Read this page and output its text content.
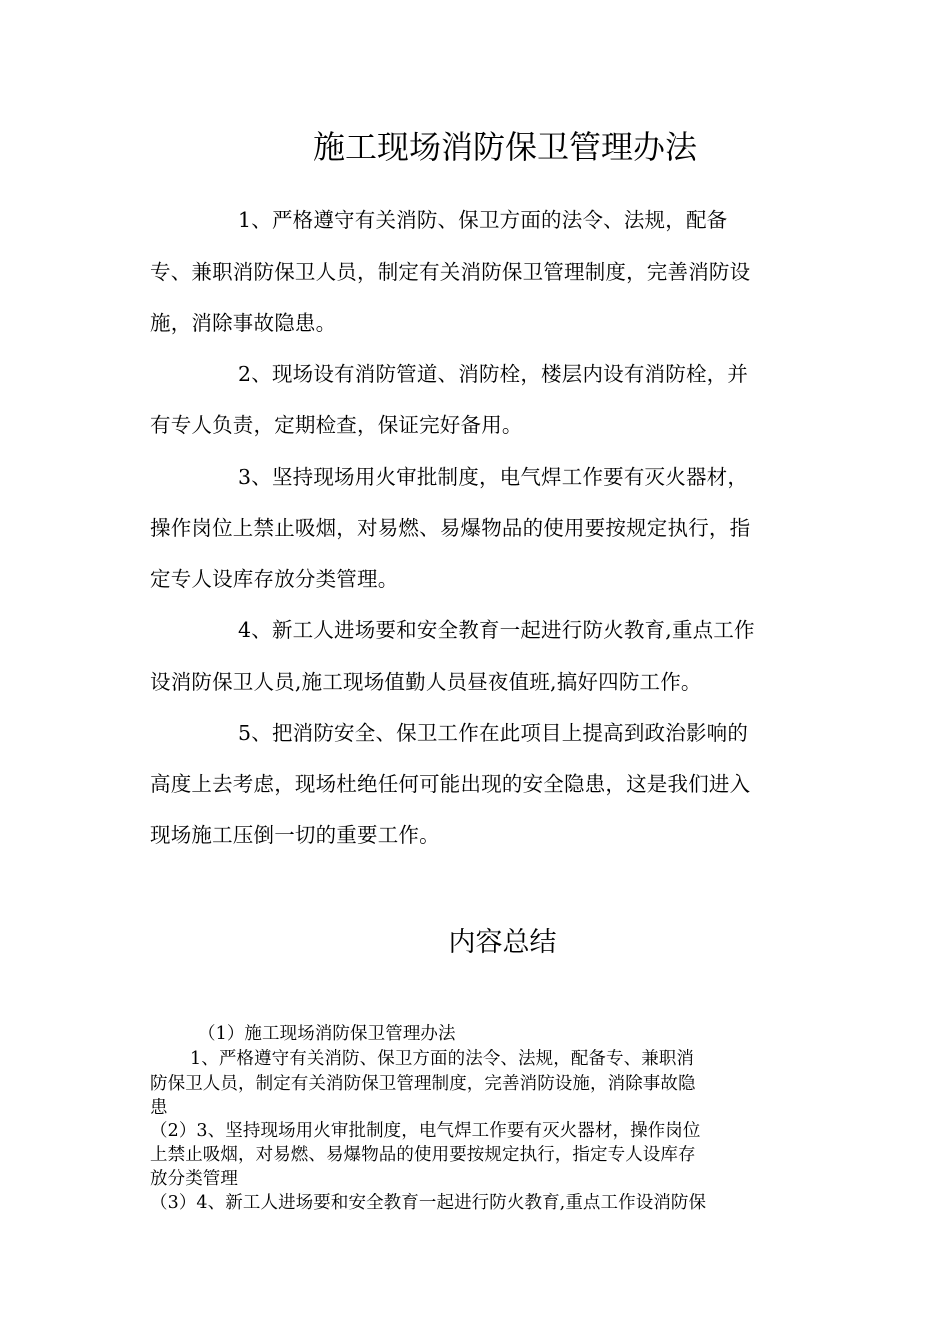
施工现场消防保卫管理办法
1、严格遵守有关消防、保卫方面的法令、法规，配备
专、兼职消防保卫人员，制定有关消防保卫管理制度，完善消防设
施，消除事故隐患。
2、现场设有消防管道、消防栓，楼层内设有消防栓，并
有专人负责，定期检查，保证完好备用。
3、坚持现场用火审批制度，电气焊工作要有灭火器材，
操作岗位上禁止吸烟，对易燃、易爆物品的使用要按规定执行，指
定专人设库存放分类管理。
4、新工人进场要和安全教育一起进行防火教育,重点工作
设消防保卫人员,施工现场值勤人员昼夜值班,搞好四防工作。
5、把消防安全、保卫工作在此项目上提高到政治影响的
高度上去考虑，现场杜绝任何可能出现的安全隐患，这是我们进入
现场施工压倒一切的重要工作。
内容总结
（1）施工现场消防保卫管理办法
1、严格遵守有关消防、保卫方面的法令、法规，配备专、兼职消
防保卫人员，制定有关消防保卫管理制度，完善消防设施，消除事故隐
患
（2）3、坚持现场用火审批制度，电气焊工作要有灭火器材，操作岗位
上禁止吸烟，对易燃、易爆物品的使用要按规定执行，指定专人设库存
放分类管理
（3）4、新工人进场要和安全教育一起进行防火教育,重点工作设消防保
